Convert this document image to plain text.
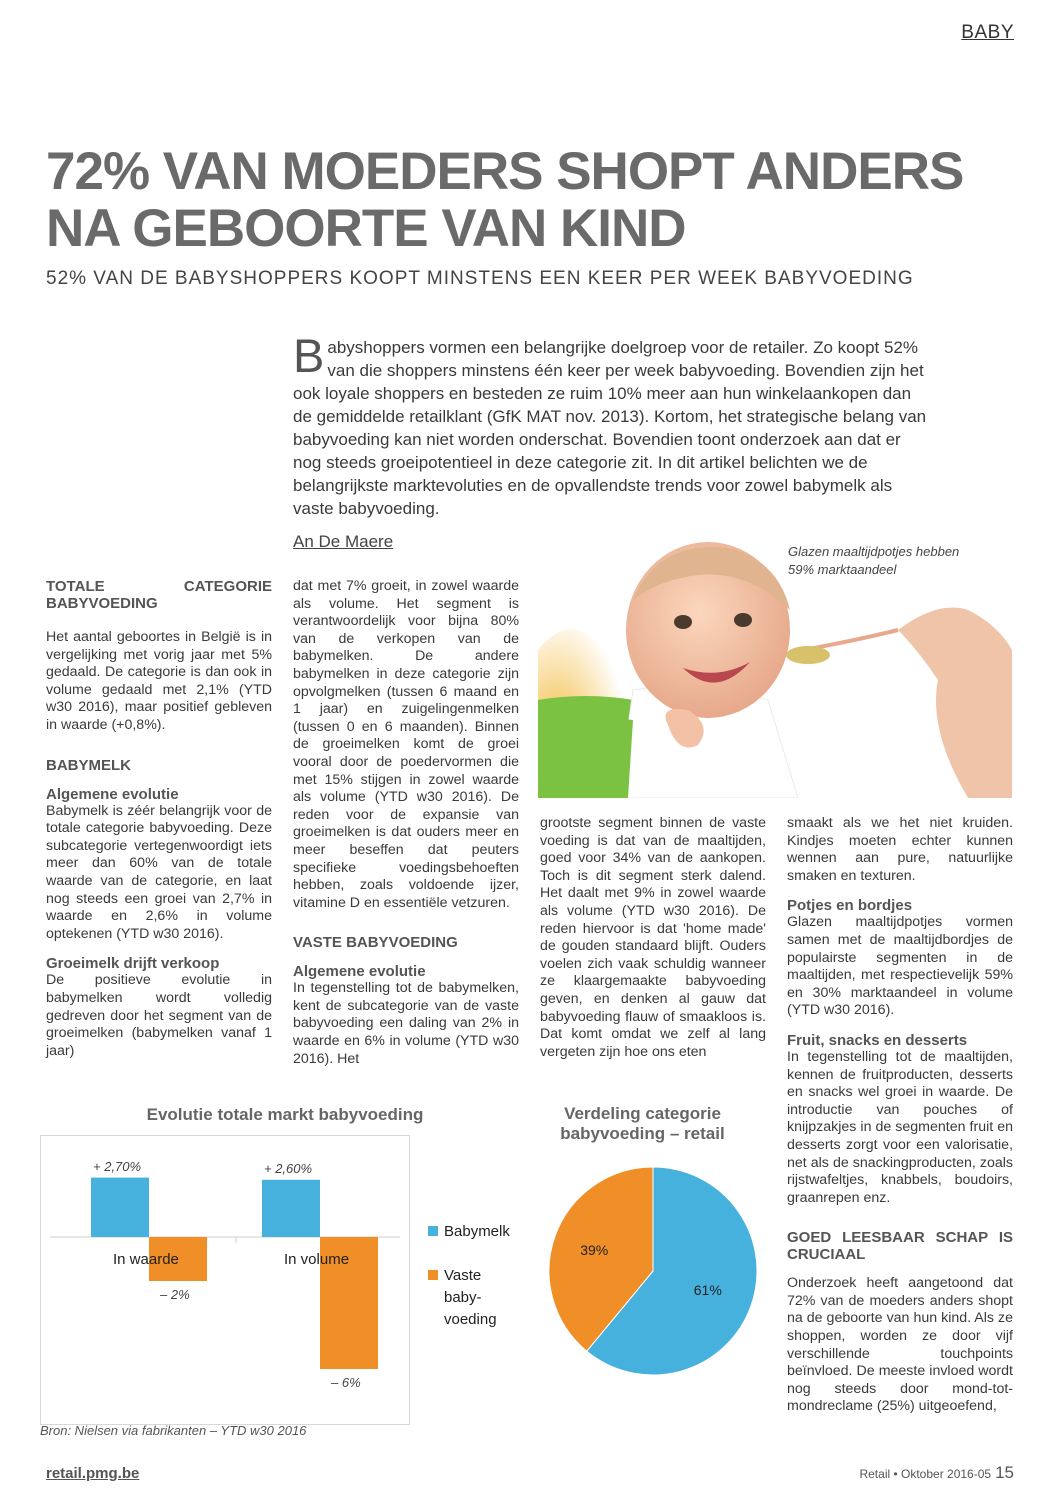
BABY
72% VAN MOEDERS SHOPT ANDERS
NA GEBOORTE VAN KIND
52% VAN DE BABYSHOPPERS KOOPT MINSTENS EEN KEER PER WEEK BABYVOEDING
Babyshoppers vormen een belangrijke doelgroep voor de retailer. Zo koopt 52% van die shoppers minstens één keer per week babyvoeding. Bovendien zijn het ook loyale shoppers en besteden ze ruim 10% meer aan hun winkelaankopen dan de gemiddelde retailklant (GfK MAT nov. 2013). Kortom, het strategische belang van babyvoeding kan niet worden onderschat. Bovendien toont onderzoek aan dat er nog steeds groeipotentieel in deze categorie zit. In dit artikel belichten we de belangrijkste marktevoluties en de opvallendste trends voor zowel babymelk als vaste babyvoeding.
An De Maere
Glazen maaltijdpotjes hebben 59% marktaandeel
TOTALE CATEGORIE BABYVOEDING

Het aantal geboortes in België is in vergelijking met vorig jaar met 5% gedaald. De categorie is dan ook in volume gedaald met 2,1% (YTD w30 2016), maar positief gebleven in waarde (+0,8%).

BABYMELK
Algemene evolutie

Babymelk is zéér belangrijk voor de totale categorie babyvoeding. Deze subcategorie vertegenwoordigt iets meer dan 60% van de totale waarde van de categorie, en laat nog steeds een groei van 2,7% in waarde en 2,6% in volume optekenen (YTD w30 2016).

Groeimelk drijft verkoop

De positieve evolutie in babymelken wordt volledig gedreven door het segment van de groeimelken (babymelken vanaf 1 jaar)

dat met 7% groeit, in zowel waarde als volume. Het segment is verantwoordelijk voor bijna 80% van de verkopen van de babymelken. De andere babymelken in deze categorie zijn opvolgmelken (tussen 6 maand en 1 jaar) en zuigelingenmelken (tussen 0 en 6 maanden). Binnen de groeimelken komt de groei vooral door de poedervormen die met 15% stijgen in zowel waarde als volume (YTD w30 2016). De reden voor de expansie van groeimelken is dat ouders meer en meer beseffen dat peuters specifieke voedingsbehoeften hebben, zoals voldoende ijzer, vitamine D en essentiële vetzuren.

VASTE BABYVOEDING
Algemene evolutie

In tegenstelling tot de babymelken, kent de subcategorie van de vaste babyvoeding een daling van 2% in waarde en 6% in volume (YTD w30 2016). Het

grootste segment binnen de vaste voeding is dat van de maaltijden, goed voor 34% van de aankopen. Toch is dit segment sterk dalend. Het daalt met 9% in zowel waarde als volume (YTD w30 2016). De reden hiervoor is dat 'home made' de gouden standaard blijft. Ouders voelen zich vaak schuldig wanneer ze klaargemaakte babyvoeding geven, en denken al gauw dat babyvoeding flauw of smaakloos is. Dat komt omdat we zelf al lang vergeten zijn hoe ons eten

smaakt als we het niet kruiden. Kindjes moeten echter kunnen wennen aan pure, natuurlijke smaken en texturen.

Potjes en bordjes

Glazen maaltijdpotjes vormen samen met de maaltijdbordjes de populairste segmenten in de maaltijden, met respectievelijk 59% en 30% marktaandeel in volume (YTD w30 2016).

Fruit, snacks en desserts

In tegenstelling tot de maaltijden, kennen de fruitproducten, desserts en snacks wel groei in waarde. De introductie van pouches of knijpzakjes in de segmenten fruit en desserts zorgt voor een valorisatie, net als de snackingproducten, zoals rijstwafeltjes, knabbels, boudoirs, graanrepen enz.

GOED LEESBAAR SCHAP IS CRUCIAAL

Onderzoek heeft aangetoond dat 72% van de moeders anders shopt na de geboorte van hun kind. Als ze shoppen, worden ze door vijf verschillende touchpoints beïnvloed. De meeste invloed wordt nog steeds door mond-tot-mondreclame (25%) uitgeoefend,

Evolutie totale markt babyvoeding
+ 2,70%	+ 2,60%
– 2%
– 6%
In waarde	In volume
Babymelk
Vaste
baby-
voeding
Bron: Nielsen via fabrikanten – YTD w30 2016
Verdeling categorie
babyvoeding – retail
61%
39%
retail.pmg.be	Retail • Oktober 2016-05 15
